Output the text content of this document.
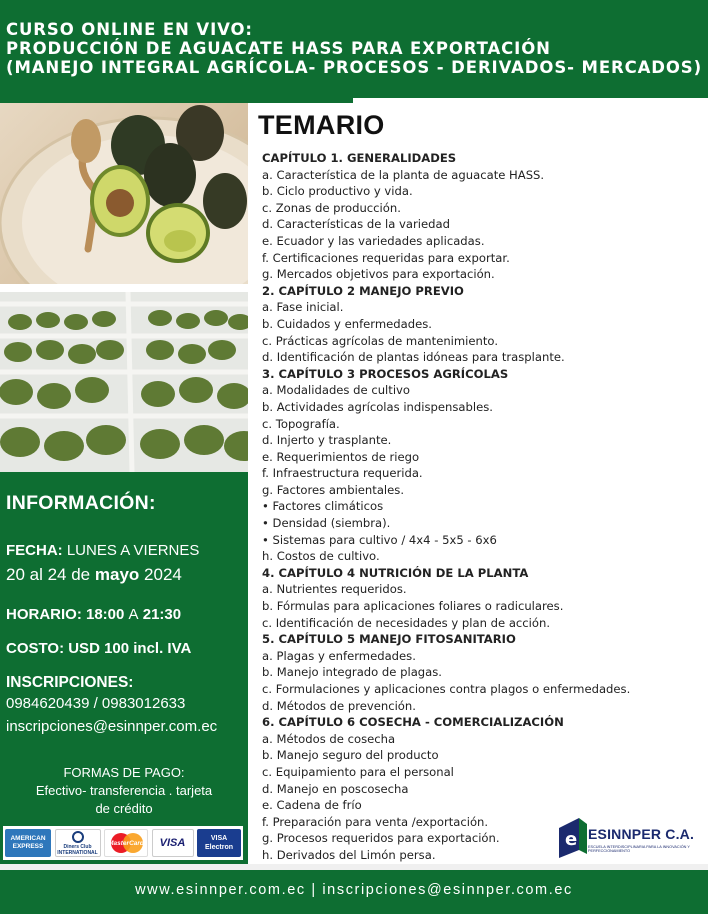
CURSO ONLINE EN VIVO:
PRODUCCIÓN DE AGUACATE HASS PARA EXPORTACIÓN
(MANEJO INTEGRAL AGRÍCOLA- PROCESOS - DERIVADOS- MERCADOS)
INFORMACIÓN:
FECHA: LUNES A VIERNES
20 al 24 de mayo 2024
HORARIO: 18:00 A 21:30
COSTO: USD 100 incl. IVA
INSCRIPCIONES:
0984620439 / 0983012633
inscripciones@esinnper.com.ec
FORMAS DE PAGO:
Efectivo- transferencia . tarjeta
de crédito
AMERICAN EXPRESS	Diners Club INTERNATIONAL
MasterCard	VISA	VISA Electron
TEMARIO
CAPÍTULO 1. GENERALIDADES
a. Característica de la planta de aguacate HASS.
b. Ciclo productivo y vida.
c. Zonas de producción.
d. Características de la variedad
e. Ecuador y las variedades aplicadas.
f. Certificaciones requeridas para exportar.
g. Mercados objetivos para exportación.
2. CAPÍTULO 2 MANEJO PREVIO
a. Fase inicial.
b. Cuidados y enfermedades.
c. Prácticas agrícolas de mantenimiento.
d. Identificación de plantas idóneas para trasplante.
3. CAPÍTULO 3 PROCESOS AGRÍCOLAS
a. Modalidades de cultivo
b. Actividades agrícolas indispensables.
c. Topografía.
d. Injerto y trasplante.
e. Requerimientos de riego
f. Infraestructura requerida.
g. Factores ambientales.
• Factores climáticos
• Densidad (siembra).
• Sistemas para cultivo / 4x4 - 5x5 - 6x6
h. Costos de cultivo.
4. CAPÍTULO 4 NUTRICIÓN DE LA PLANTA
a. Nutrientes requeridos.
b. Fórmulas para aplicaciones foliares o radiculares.
c. Identificación de necesidades y plan de acción.
5. CAPÍTULO 5 MANEJO FITOSANITARIO
a. Plagas y enfermedades.
b. Manejo integrado de plagas.
c. Formulaciones y aplicaciones contra plagos o enfermedades.
d. Métodos de prevención.
6. CAPÍTULO 6 COSECHA - COMERCIALIZACIÓN
a. Métodos de cosecha
b. Manejo seguro del producto
c. Equipamiento para el personal
d. Manejo en poscosecha
e. Cadena de frío
f. Preparación para venta /exportación.
g. Procesos requeridos para exportación.
h. Derivados del Limón persa.
e ESINNPER C.A.
ESCUELA INTERDISCIPLINARIA PARA LA INNOVACIÓN Y PERFECCIONAMIENTO
www.esinnper.com.ec | inscripciones@esinnper.com.ec
